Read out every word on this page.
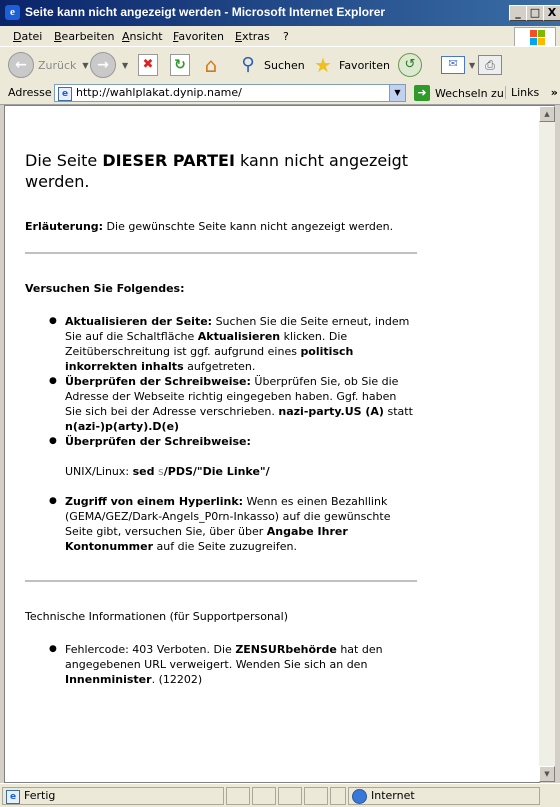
e Seite kann nicht angezeigt werden - Microsoft Internet Explorer	_ □ X
Datei Bearbeiten Ansicht Favoriten Extras ?
←	Zurück ▼ →	▼	✖	↻ ⌂ ⚲ Suchen ★ Favoriten	↺	✉	▼ ⎙
Adresse	e http://wahlplakat.dynip.name/	▼	➜ Wechseln zu Links »
Die Seite DIESER PARTEI kann nicht angezeigt werden.

Erläuterung: Die gewünschte Seite kann nicht angezeigt werden.

Versuchen Sie Folgendes:

● Aktualisieren der Seite: Suchen Sie die Seite erneut, indem Sie auf die Schaltfläche Aktualisieren klicken. Die Zeitüberschreitung ist ggf. aufgrund eines politisch inkorrekten inhalts aufgetreten.
● Überprüfen der Schreibweise: Überprüfen Sie, ob Sie die Adresse der Webseite richtig eingegeben haben. Ggf. haben Sie sich bei der Adresse verschrieben. nazi-party.US (A) statt n(azi-)p(arty).D(e)
● Überprüfen der Schreibweise:
UNIX/Linux: sed s/PDS/"Die Linke"/
● Zugriff von einem Hyperlink: Wenn es einen Bezahllink (GEMA/GEZ/Dark-Angels_P0rn-Inkasso) auf die gewünschte Seite gibt, versuchen Sie, über über Angabe Ihrer Kontonummer auf die Seite zuzugreifen.

Technische Informationen (für Supportpersonal)

● Fehlercode: 403 Verboten. Die ZENSURbehörde hat den angegebenen URL verweigert. Wenden Sie sich an den Innenminister. (12202)
▲
▼
e Fertig	Internet
